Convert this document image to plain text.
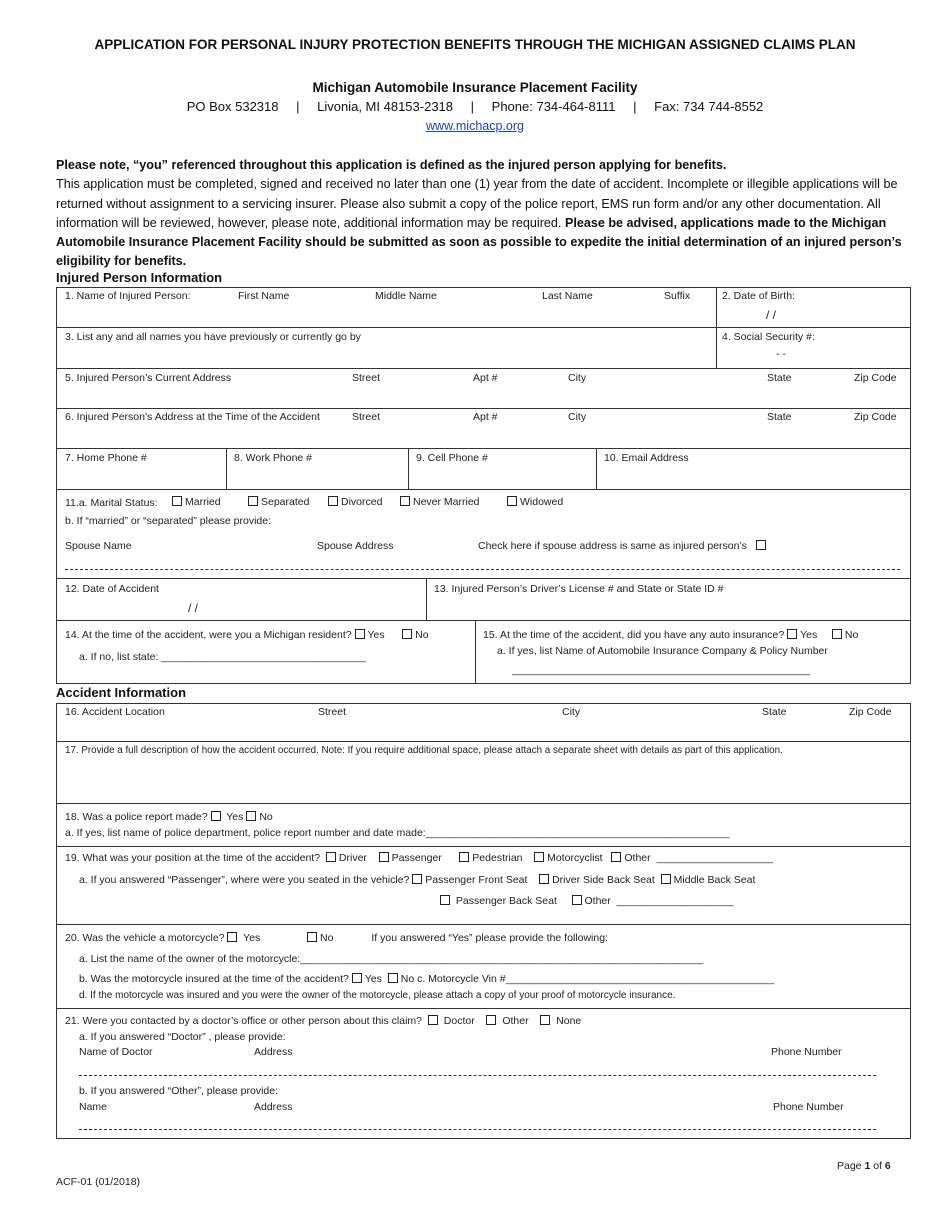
APPLICATION FOR PERSONAL INJURY PROTECTION BENEFITS THROUGH THE MICHIGAN ASSIGNED CLAIMS PLAN
Michigan Automobile Insurance Placement Facility
PO Box 532318 | Livonia, MI 48153-2318 | Phone: 734-464-8111 | Fax: 734 744-8552
www.michacp.org
Please note, “you” referenced throughout this application is defined as the injured person applying for benefits.
This application must be completed, signed and received no later than one (1) year from the date of accident. Incomplete or illegible applications will be returned without assignment to a servicing insurer. Please also submit a copy of the police report, EMS run form and/or any other documentation. All information will be reviewed, however, please note, additional information may be required. Please be advised, applications made to the Michigan Automobile Insurance Placement Facility should be submitted as soon as possible to expedite the initial determination of an injured person’s eligibility for benefits.
Injured Person Information
1. Name of Injured Person:	First Name	Middle Name	Last Name	Suffix	2. Date of Birth:
/ /
3. List any and all names you have previously or currently go by	4. Social Security #:
- -
5. Injured Person’s Current Address	Street	Apt #	City	State	Zip Code
6. Injured Person’s Address at the Time of the Accident	Street	Apt #	City	State	Zip Code
7. Home Phone #	8. Work Phone #	9. Cell Phone #	10. Email Address
11.a. Marital Status:	Married	Separated	Divorced	Never Married	Widowed
b. If “married” or “separated” please provide:
Spouse Name	Spouse Address	Check here if spouse address is same as injured person’s
12. Date of Accident
/ /
13. Injured Person’s Driver’s License # and State or State ID #
14. At the time of the accident, were you a Michigan resident? Yes	No
a. If no, list state: ___________________________________
15. At the time of the accident, did you have any auto insurance? Yes	No
a. If yes, list Name of Automobile Insurance Company & Policy Number
___________________________________________________
Accident Information
16. Accident Location	Street	City	State	Zip Code
17. Provide a full description of how the accident occurred. Note: If you require additional space, please attach a separate sheet with details as part of this application.
18. Was a police report made? Yes No
a. If yes, list name of police department, police report number and date made:____________________________________________________
19. What was your position at the time of the accident? Driver Passenger	Pedestrian Motorcyclist Other ____________________
a. If you answered “Passenger”, where were you seated in the vehicle? Passenger Front Seat Driver Side Back Seat Middle Back Seat
Passenger Back Seat	Other ____________________
20. Was the vehicle a motorcycle? Yes	No	If you answered “Yes” please provide the following:
a. List the name of the owner of the motorcycle:_____________________________________________________________________
b. Was the motorcycle insured at the time of the accident? Yes No c. Motorcycle Vin #______________________________________________
d. If the motorcycle was insured and you were the owner of the motorcycle, please attach a copy of your proof of motorcycle insurance.
21. Were you contacted by a doctor’s office or other person about this claim? Doctor	Other	None
a. If you answered “Doctor” , please provide:
Name of Doctor	Address	Phone Number
b. If you answered “Other”, please provide:
Name	Address	Phone Number
Page 1 of 6
ACF-01 (01/2018)
